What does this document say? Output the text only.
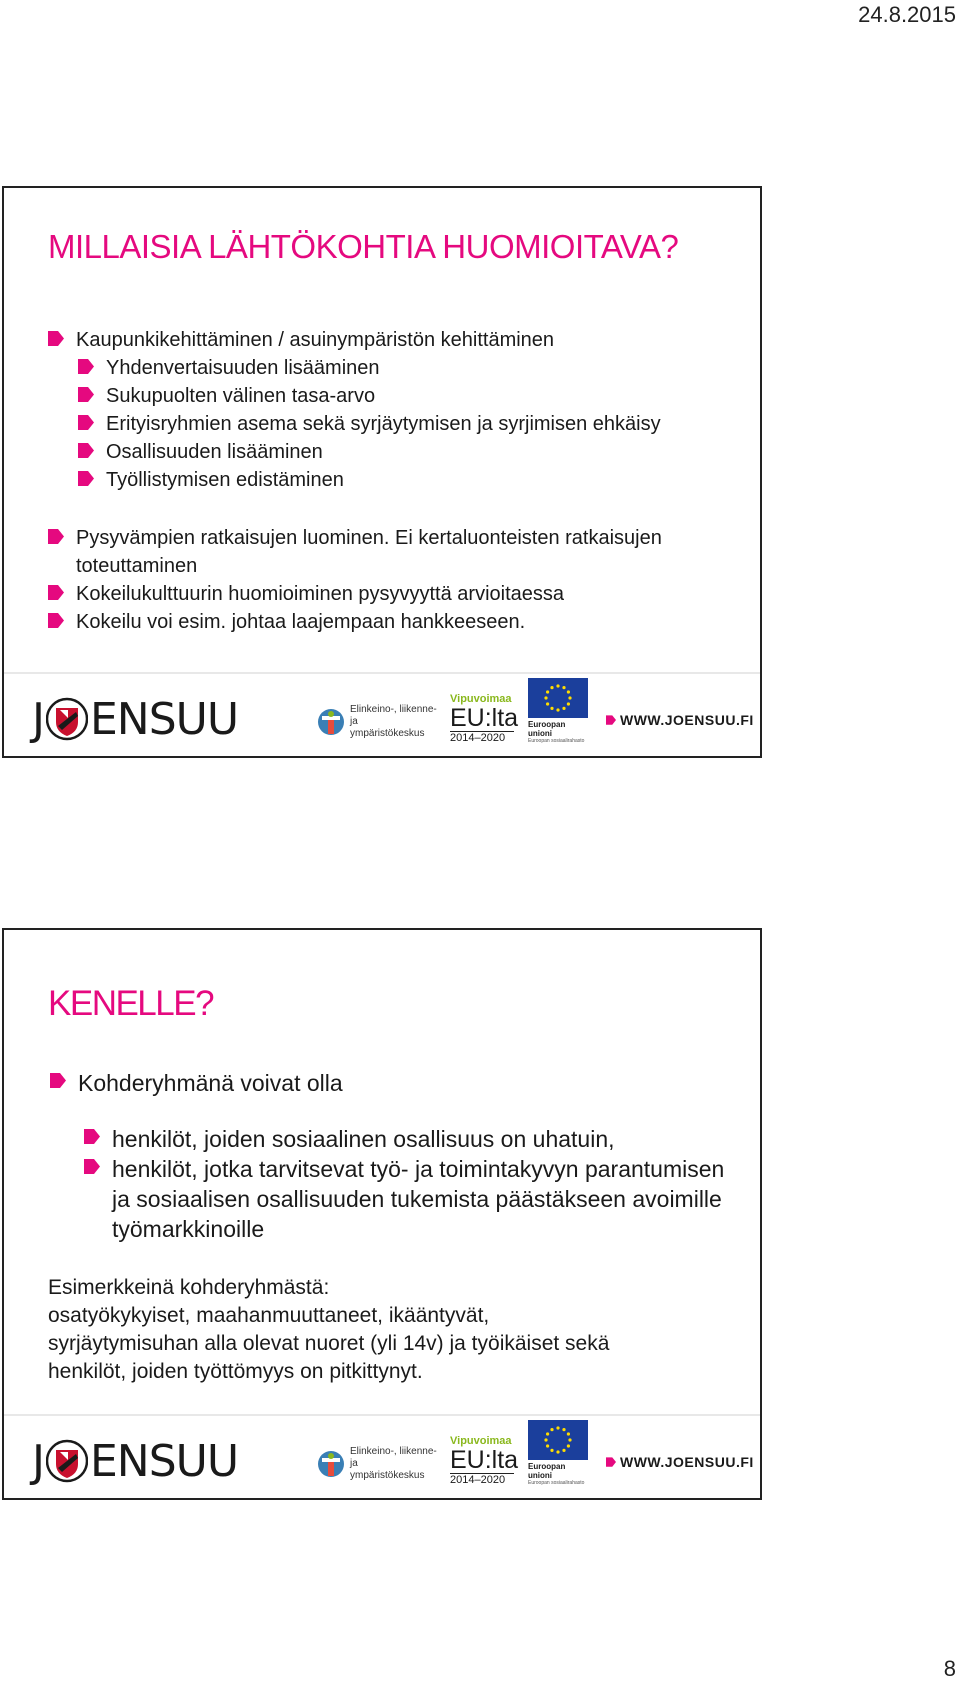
24.8.2015
MILLAISIA LÄHTÖKOHTIA HUOMIOITAVA?
Kaupunkikehittäminen / asuinympäristön kehittäminen
Yhdenvertaisuuden lisääminen
Sukupuolten välinen tasa-arvo
Erityisryhmien asema sekä syrjäytymisen ja syrjimisen ehkäisy
Osallisuuden lisääminen
Työllistymisen edistäminen
Pysyvämpien ratkaisujen luominen. Ei kertaluonteisten ratkaisujen toteuttaminen
Kokeilukulttuurin huomioiminen pysyvyyttä arvioitaessa
Kokeilu voi esim. johtaa laajempaan hankkeeseen.
J ENSUU	Elinkeino-, liikenne- ja
ympäristökeskus
Vipuvoimaa
EU:lta
2014–2020
Euroopan unioni
Euroopan sosiaalirahasto
WWW.JOENSUU.FI
KENELLE?
Kohderyhmänä voivat olla
henkilöt, joiden sosiaalinen osallisuus on uhatuin,
henkilöt, jotka tarvitsevat työ- ja toimintakyvyn parantumisen ja sosiaalisen osallisuuden tukemista päästäkseen avoimille työmarkkinoille
Esimerkkeinä kohderyhmästä:
osatyökykyiset, maahanmuuttaneet, ikääntyvät,
syrjäytymisuhan alla olevat nuoret (yli 14v) ja työikäiset sekä
henkilöt, joiden työttömyys on pitkittynyt.
J ENSUU	Elinkeino-, liikenne- ja
ympäristökeskus
Vipuvoimaa
EU:lta
2014–2020
Euroopan unioni
Euroopan sosiaalirahasto
WWW.JOENSUU.FI
8
